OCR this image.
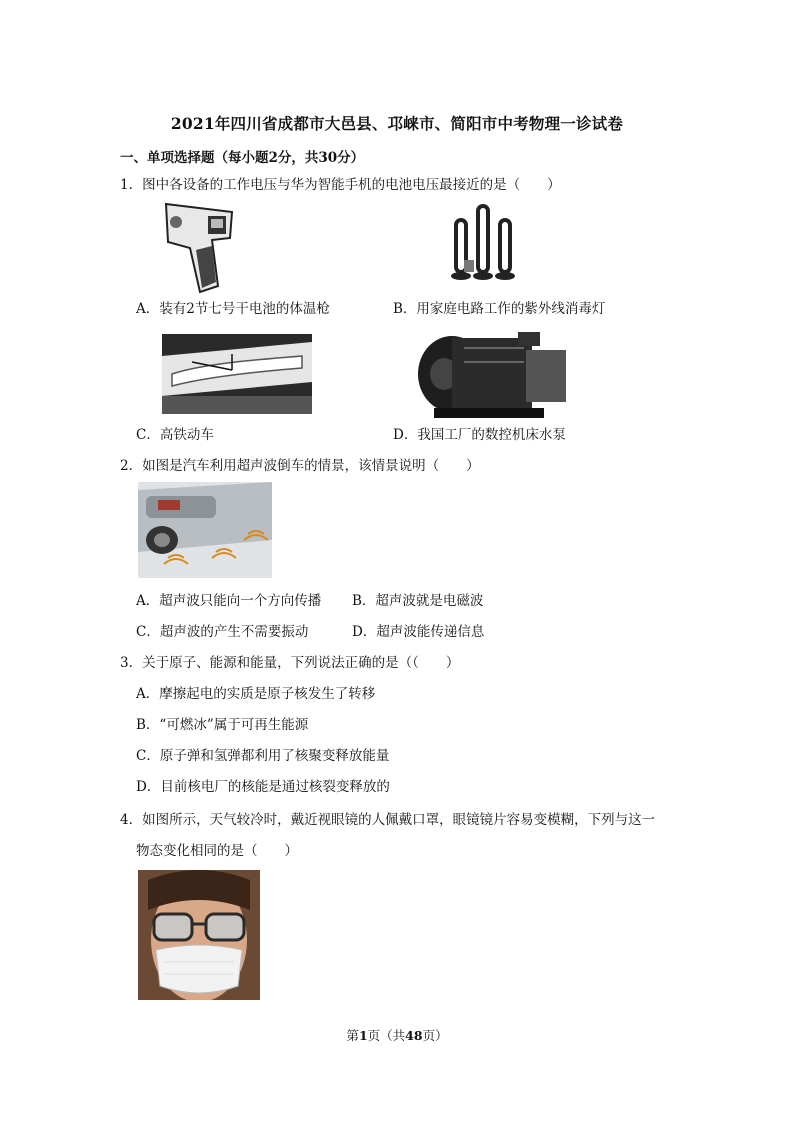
2021年四川省成都市大邑县、邛崃市、简阳市中考物理一诊试卷
一、单项选择题（每小题2分，共30分）
1．图中各设备的工作电压与华为智能手机的电池电压最接近的是（　　）
A．装有2节七号干电池的体温枪	B．用家庭电路工作的紫外线消毒灯
C．高铁动车	D．我国工厂的数控机床水泵
2．如图是汽车利用超声波倒车的情景，该情景说明（　　）
A．超声波只能向一个方向传播 B．超声波就是电磁波
C．超声波的产生不需要振动	D．超声波能传递信息
3．关于原子、能源和能量，下列说法正确的是（（　　）
A．摩擦起电的实质是原子核发生了转移
B．“可燃冰”属于可再生能源
C．原子弹和氢弹都利用了核聚变释放能量
D．目前核电厂的核能是通过核裂变释放的
4．如图所示，天气较冷时，戴近视眼镜的人佩戴口罩，眼镜镜片容易变模糊，下列与这一
物态变化相同的是（　　）
第1页（共48页）
